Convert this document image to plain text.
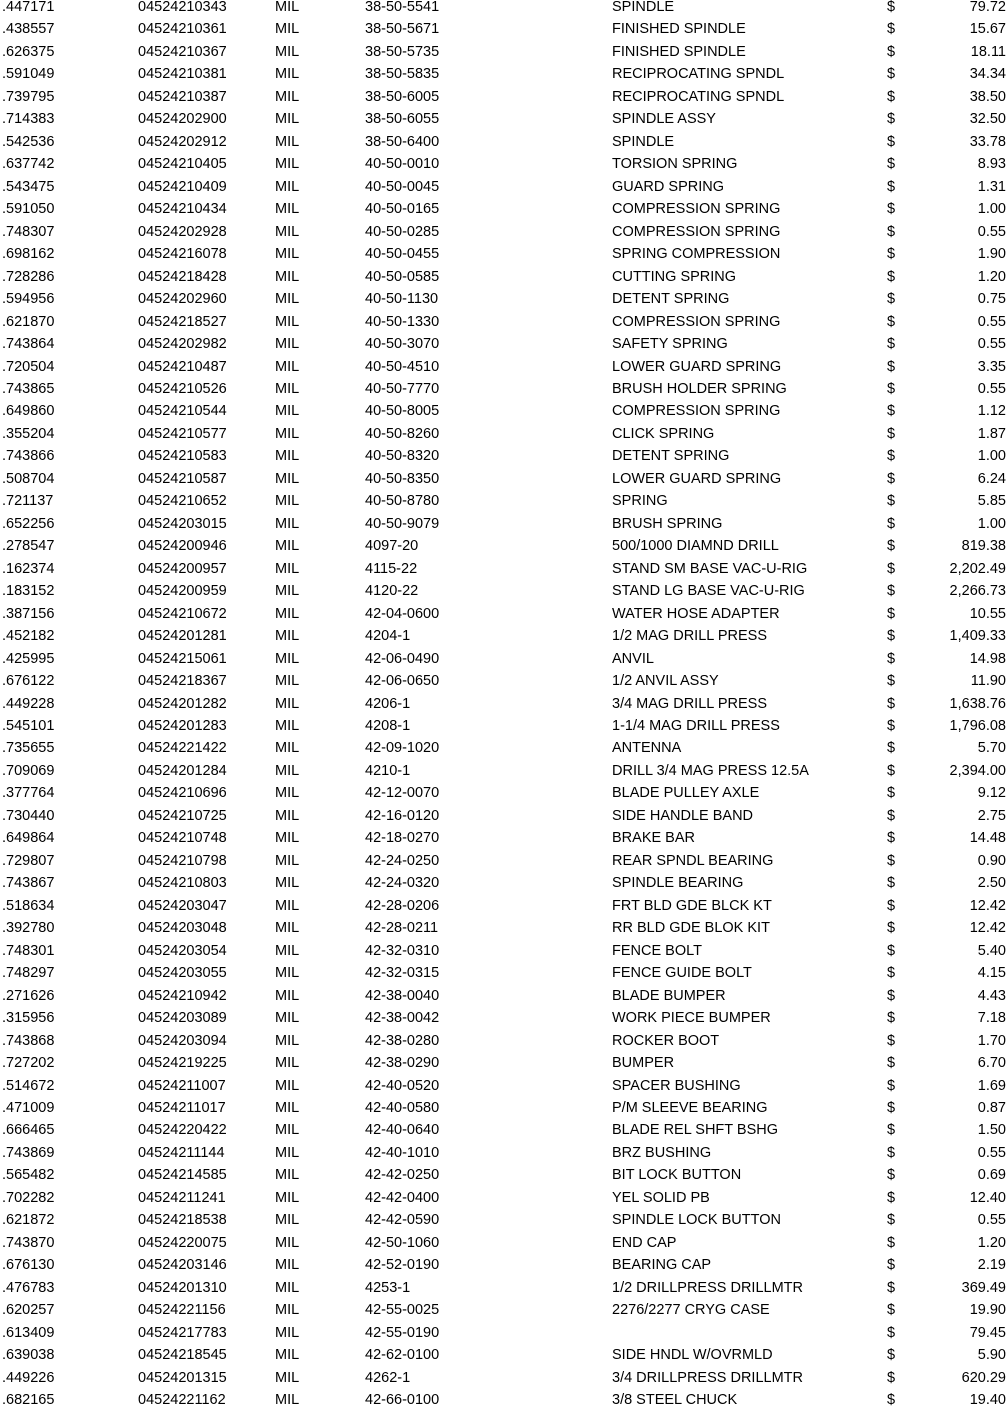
.447171	04524210343	MIL	38-50-5541	SPINDLE	$	79.72
.438557	04524210361	MIL	38-50-5671	FINISHED SPINDLE	$	15.67
.626375	04524210367	MIL	38-50-5735	FINISHED SPINDLE	$	18.11
.591049	04524210381	MIL	38-50-5835	RECIPROCATING SPNDL	$	34.34
.739795	04524210387	MIL	38-50-6005	RECIPROCATING SPNDL	$	38.50
.714383	04524202900	MIL	38-50-6055	SPINDLE ASSY	$	32.50
.542536	04524202912	MIL	38-50-6400	SPINDLE	$	33.78
.637742	04524210405	MIL	40-50-0010	TORSION SPRING	$	8.93
.543475	04524210409	MIL	40-50-0045	GUARD SPRING	$	1.31
.591050	04524210434	MIL	40-50-0165	COMPRESSION SPRING	$	1.00
.748307	04524202928	MIL	40-50-0285	COMPRESSION SPRING	$	0.55
.698162	04524216078	MIL	40-50-0455	SPRING COMPRESSION	$	1.90
.728286	04524218428	MIL	40-50-0585	CUTTING SPRING	$	1.20
.594956	04524202960	MIL	40-50-1130	DETENT SPRING	$	0.75
.621870	04524218527	MIL	40-50-1330	COMPRESSION SPRING	$	0.55
.743864	04524202982	MIL	40-50-3070	SAFETY SPRING	$	0.55
.720504	04524210487	MIL	40-50-4510	LOWER GUARD SPRING	$	3.35
.743865	04524210526	MIL	40-50-7770	BRUSH HOLDER SPRING	$	0.55
.649860	04524210544	MIL	40-50-8005	COMPRESSION SPRING	$	1.12
.355204	04524210577	MIL	40-50-8260	CLICK SPRING	$	1.87
.743866	04524210583	MIL	40-50-8320	DETENT SPRING	$	1.00
.508704	04524210587	MIL	40-50-8350	LOWER GUARD SPRING	$	6.24
.721137	04524210652	MIL	40-50-8780	SPRING	$	5.85
.652256	04524203015	MIL	40-50-9079	BRUSH SPRING	$	1.00
.278547	04524200946	MIL	4097-20	500/1000 DIAMND DRILL	$	819.38
.162374	04524200957	MIL	4115-22	STAND SM BASE VAC-U-RIG	$	2,202.49
.183152	04524200959	MIL	4120-22	STAND LG BASE VAC-U-RIG	$	2,266.73
.387156	04524210672	MIL	42-04-0600	WATER HOSE ADAPTER	$	10.55
.452182	04524201281	MIL	4204-1	1/2 MAG DRILL PRESS	$	1,409.33
.425995	04524215061	MIL	42-06-0490	ANVIL	$	14.98
.676122	04524218367	MIL	42-06-0650	1/2 ANVIL ASSY	$	11.90
.449228	04524201282	MIL	4206-1	3/4 MAG DRILL PRESS	$	1,638.76
.545101	04524201283	MIL	4208-1	1-1/4 MAG DRILL PRESS	$	1,796.08
.735655	04524221422	MIL	42-09-1020	ANTENNA	$	5.70
.709069	04524201284	MIL	4210-1	DRILL 3/4 MAG PRESS 12.5A	$	2,394.00
.377764	04524210696	MIL	42-12-0070	BLADE PULLEY AXLE	$	9.12
.730440	04524210725	MIL	42-16-0120	SIDE HANDLE BAND	$	2.75
.649864	04524210748	MIL	42-18-0270	BRAKE BAR	$	14.48
.729807	04524210798	MIL	42-24-0250	REAR SPNDL BEARING	$	0.90
.743867	04524210803	MIL	42-24-0320	SPINDLE BEARING	$	2.50
.518634	04524203047	MIL	42-28-0206	FRT BLD GDE BLCK KT	$	12.42
.392780	04524203048	MIL	42-28-0211	RR BLD GDE BLOK KIT	$	12.42
.748301	04524203054	MIL	42-32-0310	FENCE BOLT	$	5.40
.748297	04524203055	MIL	42-32-0315	FENCE GUIDE BOLT	$	4.15
.271626	04524210942	MIL	42-38-0040	BLADE BUMPER	$	4.43
.315956	04524203089	MIL	42-38-0042	WORK PIECE BUMPER	$	7.18
.743868	04524203094	MIL	42-38-0280	ROCKER BOOT	$	1.70
.727202	04524219225	MIL	42-38-0290	BUMPER	$	6.70
.514672	04524211007	MIL	42-40-0520	SPACER BUSHING	$	1.69
.471009	04524211017	MIL	42-40-0580	P/M SLEEVE BEARING	$	0.87
.666465	04524220422	MIL	42-40-0640	BLADE REL SHFT BSHG	$	1.50
.743869	04524211144	MIL	42-40-1010	BRZ BUSHING	$	0.55
.565482	04524214585	MIL	42-42-0250	BIT LOCK BUTTON	$	0.69
.702282	04524211241	MIL	42-42-0400	YEL SOLID PB	$	12.40
.621872	04524218538	MIL	42-42-0590	SPINDLE LOCK BUTTON	$	0.55
.743870	04524220075	MIL	42-50-1060	END CAP	$	1.20
.676130	04524203146	MIL	42-52-0190	BEARING CAP	$	2.19
.476783	04524201310	MIL	4253-1	1/2 DRILLPRESS DRILLMTR	$	369.49
.620257	04524221156	MIL	42-55-0025	2276/2277 CRYG CASE	$	19.90
.613409	04524217783	MIL	42-55-0190	$	79.45
.639038	04524218545	MIL	42-62-0100	SIDE HNDL W/OVRMLD	$	5.90
.449226	04524201315	MIL	4262-1	3/4 DRILLPRESS DRILLMTR	$	620.29
.682165	04524221162	MIL	42-66-0100	3/8 STEEL CHUCK	$	19.40
